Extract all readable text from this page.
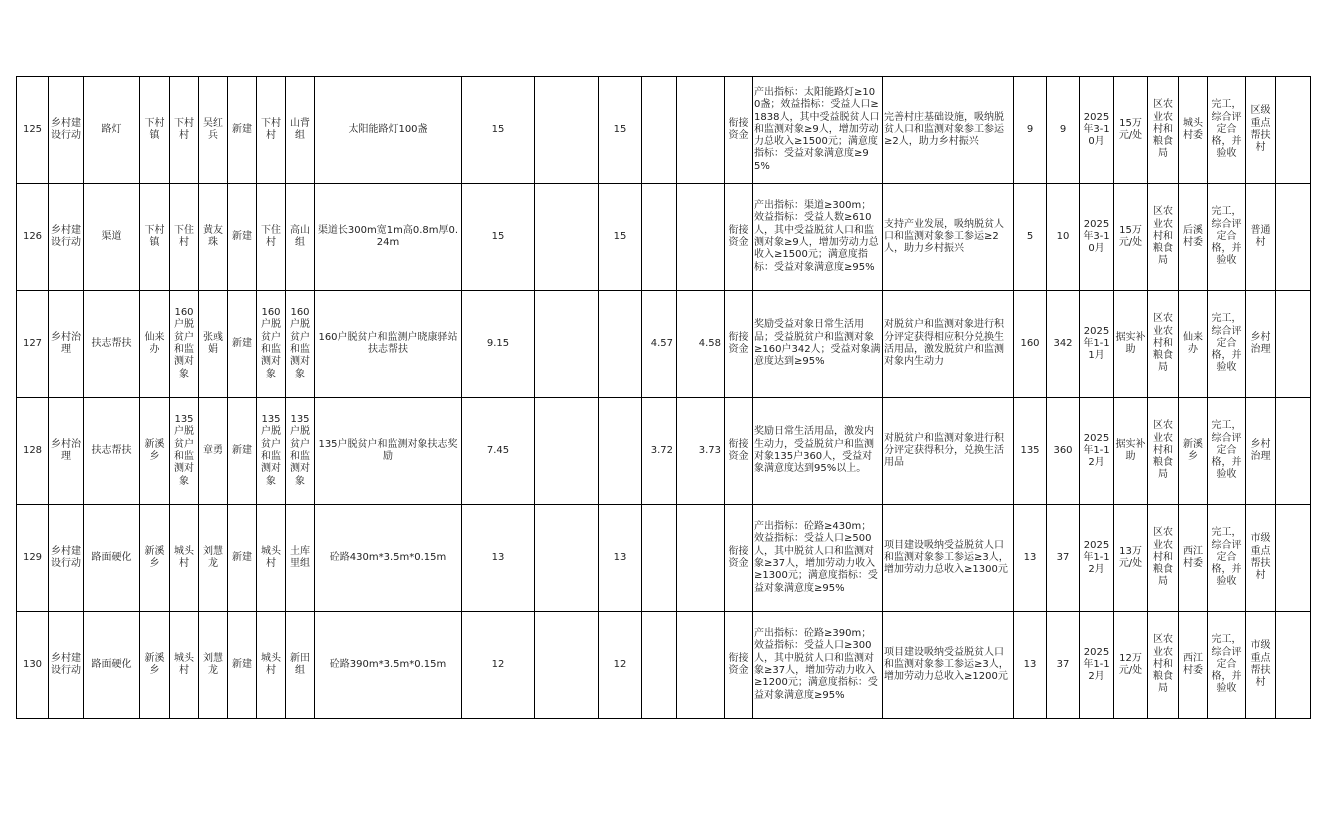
125	乡村建设行动	路灯	下村镇	下村村	吴红兵	新建	下村村	山背组	太阳能路灯100盏	15		15			衔接资金	产出指标：太阳能路灯≥100盏；效益指标：受益人口≥1838人，其中受益脱贫人口和监测对象≥9人，增加劳动力总收入≥1500元；满意度指标：受益对象满意度≥95%	完善村庄基础设施，吸纳脱贫人口和监测对象参工参运≥2人，助力乡村振兴	9	9	2025年3-10月	15万元/处	区农业农村和粮食局	城头村委	完工，综合评定合格，并验收	区级重点帮扶村	
126	乡村建设行动	渠道	下村镇	下住村	黄友珠	新建	下住村	高山组	渠道长300m宽1m高0.8m厚0.24m	15		15			衔接资金	产出指标：渠道≥300m；效益指标：受益人数≥610人，其中受益脱贫人口和监测对象≥9人，增加劳动力总收入≥1500元；满意度指标：受益对象满意度≥95%	支持产业发展，吸纳脱贫人口和监测对象参工参运≥2人，助力乡村振兴	5	10	2025年3-10月	15万元/处	区农业农村和粮食局	后溪村委	完工，综合评定合格，并验收	普通村	
127	乡村治理	扶志帮扶	仙来办	160户脱贫户和监测对象	张彧娟	新建	160户脱贫户和监测对象	160户脱贫户和监测对象	160户脱贫户和监测户晓康驿站扶志帮扶	9.15			4.57	4.58	衔接资金	奖励受益对象日常生活用品；受益脱贫户和监测对象≥160户342人；受益对象满意度达到≥95%	对脱贫户和监测对象进行积分评定获得相应积分兑换生活用品，激发脱贫户和监测对象内生动力	160	342	2025年1-11月	据实补助	区农业农村和粮食局	仙来办	完工，综合评定合格，并验收	乡村治理	
128	乡村治理	扶志帮扶	新溪乡	135户脱贫户和监测对象	章勇	新建	135户脱贫户和监测对象	135户脱贫户和监测对象	135户脱贫户和监测对象扶志奖励	7.45			3.72	3.73	衔接资金	奖励日常生活用品，激发内生动力，受益脱贫户和监测对象135户360人，受益对象满意度达到95%以上。	对脱贫户和监测对象进行积分评定获得积分，兑换生活用品	135	360	2025年1-12月	据实补助	区农业农村和粮食局	新溪乡	完工，综合评定合格，并验收	乡村治理	
129	乡村建设行动	路面硬化	新溪乡	城头村	刘慧龙	新建	城头村	土库里组	砼路430m*3.5m*0.15m	13		13			衔接资金	产出指标：砼路≥430m；效益指标：受益人口≥500人，其中脱贫人口和监测对象≥37人，增加劳动力收入≥1300元；满意度指标：受益对象满意度≥95%	项目建设吸纳受益脱贫人口和监测对象参工参运≥3人，增加劳动力总收入≥1300元	13	37	2025年1-12月	13万元/处	区农业农村和粮食局	西江村委	完工，综合评定合格，并验收	市级重点帮扶村	
130	乡村建设行动	路面硬化	新溪乡	城头村	刘慧龙	新建	城头村	新田组	砼路390m*3.5m*0.15m	12		12			衔接资金	产出指标：砼路≥390m；效益指标：受益人口≥300人，其中脱贫人口和监测对象≥37人，增加劳动力收入≥1200元；满意度指标：受益对象满意度≥95%	项目建设吸纳受益脱贫人口和监测对象参工参运≥3人，增加劳动力总收入≥1200元	13	37	2025年1-12月	12万元/处	区农业农村和粮食局	西江村委	完工，综合评定合格，并验收	市级重点帮扶村	
